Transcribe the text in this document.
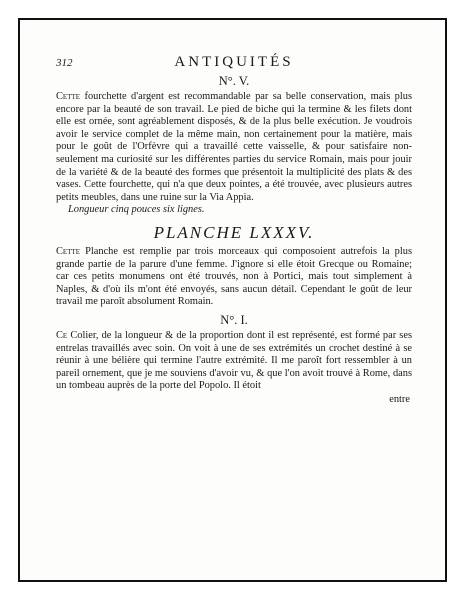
312	ANTIQUITÉS
N°. V.

Cette fourchette d'argent est recommandable par sa belle conservation, mais plus encore par la beauté de son travail. Le pied de biche qui la termine & les filets dont elle est ornée, sont agréablement disposés, & de la plus belle exécution. Je voudrois avoir le service complet de la même main, non certainement pour la matière, mais pour le goût de l'Orfèvre qui a travaillé cette vaisselle, & pour satisfaire non-seulement ma curiosité sur les différentes parties du service Romain, mais pour jouir de la variété & de la beauté des formes que présentoit la multiplicité des plats & des vases. Cette fourchette, qui n'a que deux pointes, a été trouvée, avec plusieurs autres petits meubles, dans une ruine sur la Via Appia.

Longueur cinq pouces six lignes.

PLANCHE LXXXV.

Cette Planche est remplie par trois morceaux qui composoient autrefois la plus grande partie de la parure d'une femme. J'ignore si elle étoit Grecque ou Romaine; car ces petits monumens ont été trouvés, non à Portici, mais tout simplement à Naples, & d'où ils m'ont été envoyés, sans aucun détail. Cependant le goût de leur travail me paroît absolument Romain.

N°. I.

Ce Colier, de la longueur & de la proportion dont il est représenté, est formé par ses entrelas travaillés avec soin. On voit à une de ses extrémités un crochet destiné à se réunir à une bélière qui termine l'autre extrémité. Il me paroît fort ressembler à un pareil ornement, que je me souviens d'avoir vu, & que l'on avoit trouvé à Rome, dans un tombeau auprès de la porte del Popolo. Il étoit

entre
